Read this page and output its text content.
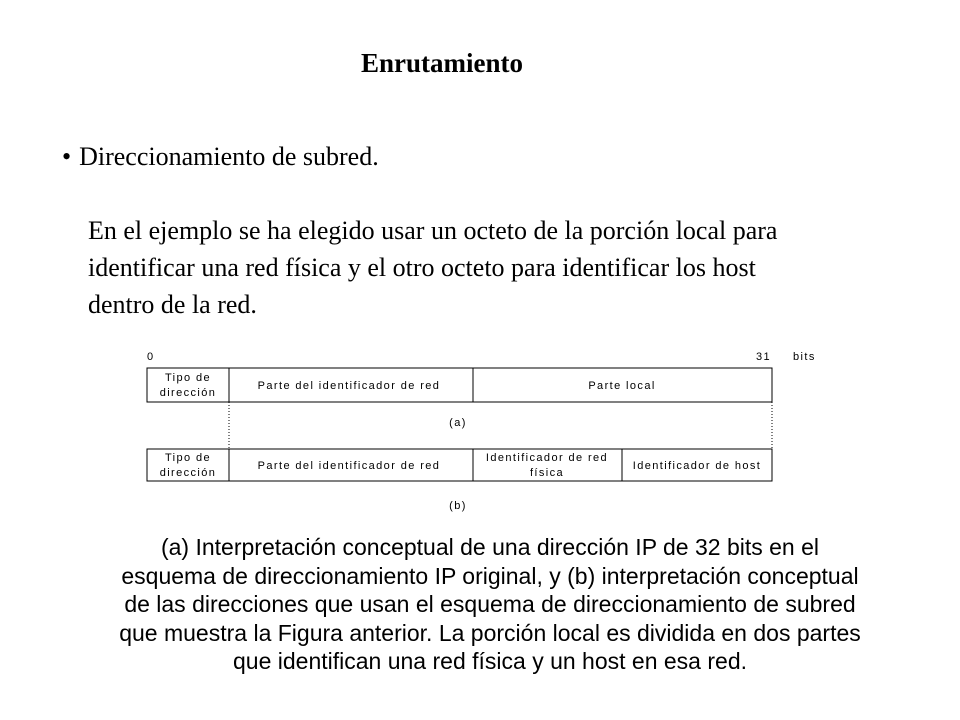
Enrutamiento
• Direccionamiento de subred.
En el ejemplo se ha elegido usar un octeto de la porción local para
identificar una red física y el otro octeto para identificar los host
dentro de la red.
0	31 bits
Tipo de
dirección
Parte del identificador de red	Parte local
(a)
Tipo de
dirección
Parte del identificador de red
Identificador de red
física
Identificador de host
(b)
(a) Interpretación conceptual de una dirección IP de 32 bits en el
esquema de direccionamiento IP original, y (b) interpretación conceptual
de las direcciones que usan el esquema de direccionamiento de subred
que muestra la Figura anterior. La porción local es dividida en dos partes
que identifican una red física y un host en esa red.
